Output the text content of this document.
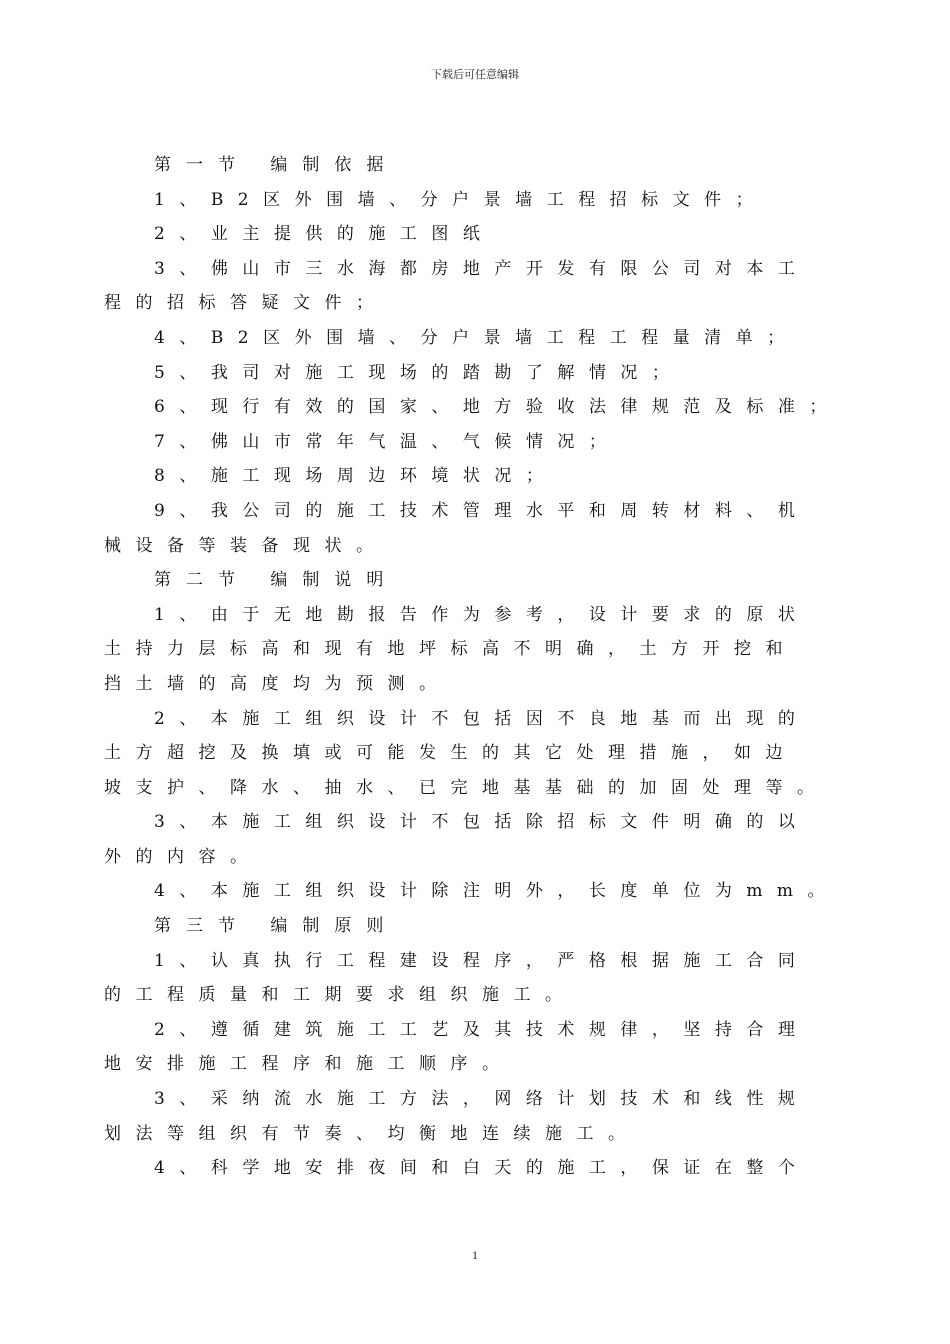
下载后可任意编辑

第一节 编制依据

1、B2区外围墙、分户景墙工程招标文件；

2、业主提供的施工图纸

3、佛山市三水海都房地产开发有限公司对本工

程的招标答疑文件；

4、B2区外围墙、分户景墙工程工程量清单；

5、我司对施工现场的踏勘了解情况；

6、现行有效的国家、地方验收法律规范及标准；

7、佛山市常年气温、气候情况；

8、施工现场周边环境状况；

9、我公司的施工技术管理水平和周转材料、机

械设备等装备现状。

第二节 编制说明

1、由于无地勘报告作为参考，设计要求的原状

土持力层标高和现有地坪标高不明确，土方开挖和

挡土墙的高度均为预测。

2、本施工组织设计不包括因不良地基而出现的

土方超挖及换填或可能发生的其它处理措施，如边

坡支护、降水、抽水、已完地基基础的加固处理等。

3、本施工组织设计不包括除招标文件明确的以

外的内容。

4、本施工组织设计除注明外，长度单位为mm。

第三节 编制原则

1、认真执行工程建设程序，严格根据施工合同

的工程质量和工期要求组织施工。

2、遵循建筑施工工艺及其技术规律，坚持合理

地安排施工程序和施工顺序。

3、采纳流水施工方法，网络计划技术和线性规

划法等组织有节奏、均衡地连续施工。

4、科学地安排夜间和白天的施工，保证在整个

1
